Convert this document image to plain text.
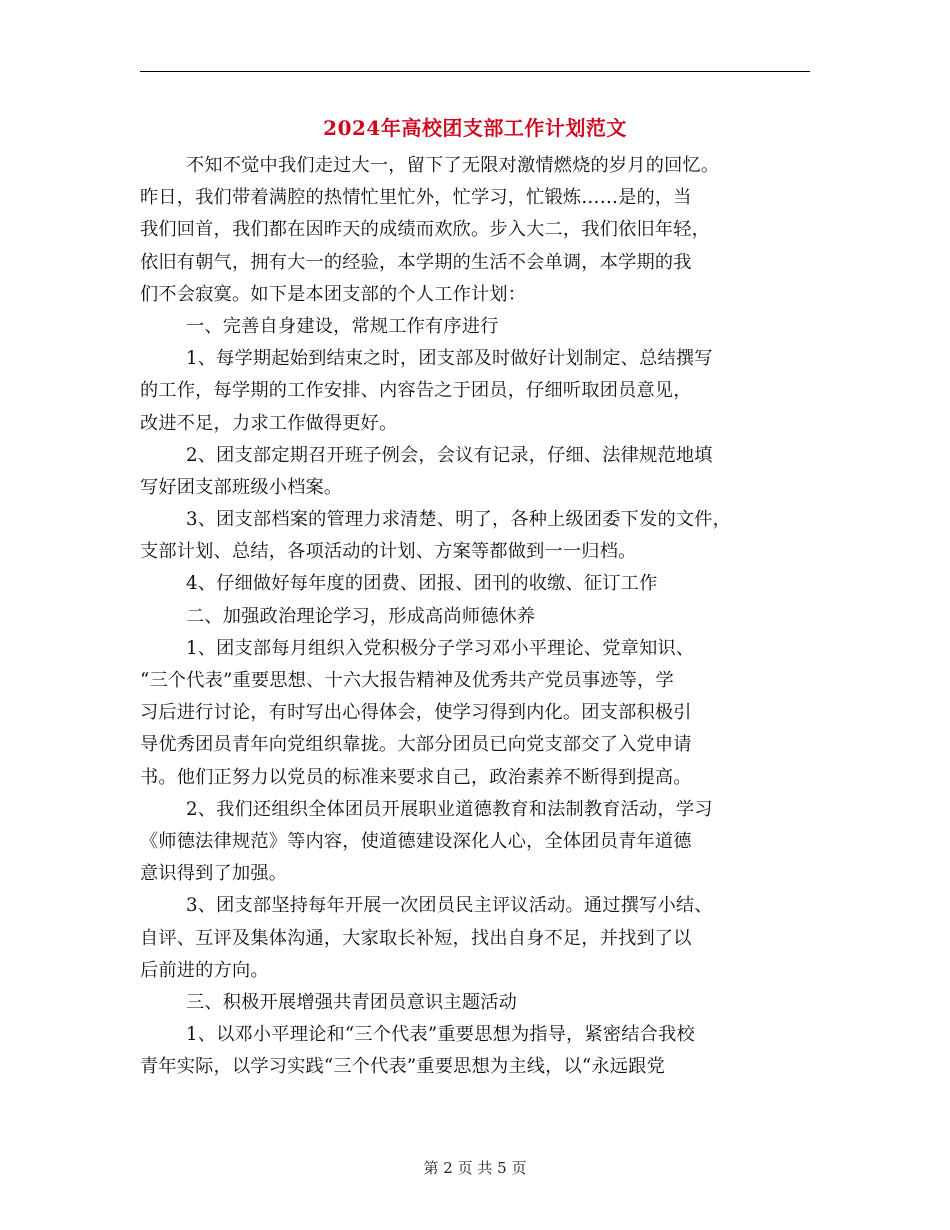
2024年高校团支部工作计划范文
不知不觉中我们走过大一，留下了无限对激情燃烧的岁月的回忆。
昨日，我们带着满腔的热情忙里忙外，忙学习，忙锻炼……是的，当
我们回首，我们都在因昨天的成绩而欢欣。步入大二，我们依旧年轻，
依旧有朝气，拥有大一的经验，本学期的生活不会单调，本学期的我
们不会寂寞。如下是本团支部的个人工作计划：
一、完善自身建设，常规工作有序进行
1、每学期起始到结束之时，团支部及时做好计划制定、总结撰写
的工作，每学期的工作安排、内容告之于团员，仔细听取团员意见，
改进不足，力求工作做得更好。
2、团支部定期召开班子例会，会议有记录，仔细、法律规范地填
写好团支部班级小档案。
3、团支部档案的管理力求清楚、明了，各种上级团委下发的文件，
支部计划、总结，各项活动的计划、方案等都做到一一归档。
4、仔细做好每年度的团费、团报、团刊的收缴、征订工作
二、加强政治理论学习，形成高尚师德休养
1、团支部每月组织入党积极分子学习邓小平理论、党章知识、
“三个代表”重要思想、十六大报告精神及优秀共产党员事迹等，学
习后进行讨论，有时写出心得体会，使学习得到内化。团支部积极引
导优秀团员青年向党组织靠拢。大部分团员已向党支部交了入党申请
书。他们正努力以党员的标准来要求自己，政治素养不断得到提高。
2、我们还组织全体团员开展职业道德教育和法制教育活动，学习
《师德法律规范》等内容，使道德建设深化人心，全体团员青年道德
意识得到了加强。
3、团支部坚持每年开展一次团员民主评议活动。通过撰写小结、
自评、互评及集体沟通，大家取长补短，找出自身不足，并找到了以
后前进的方向。
三、积极开展增强共青团员意识主题活动
1、以邓小平理论和“三个代表”重要思想为指导，紧密结合我校
青年实际，以学习实践“三个代表”重要思想为主线，以“永远跟党
第 2 页 共 5 页
